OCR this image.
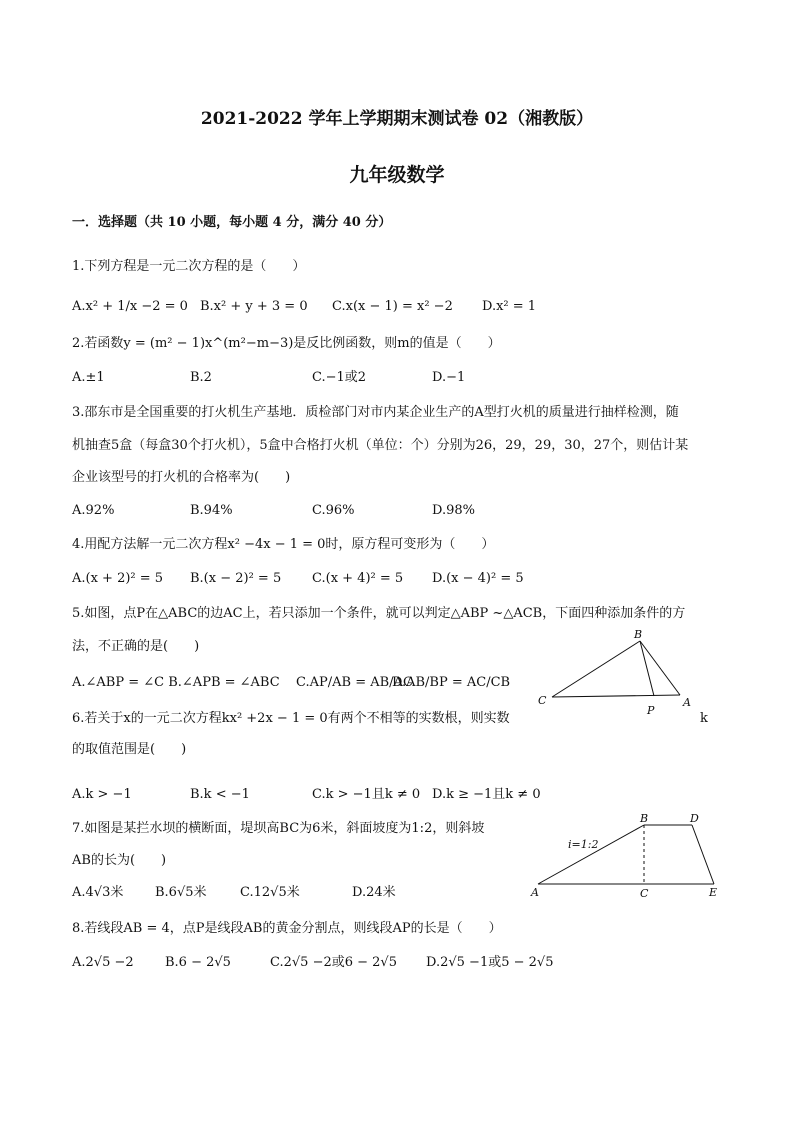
2021-2022 学年上学期期末测试卷 02（湘教版）
九年级数学
一．选择题（共 10 小题，每小题 4 分，满分 40 分）
1.下列方程是一元二次方程的是（　　）
A.x² + 1/x −2 = 0 B.x² + y + 3 = 0 C.x(x − 1) = x² −2 D.x² = 1
2.若函数y = (m² − 1)x^(m²−m−3)是反比例函数，则m的值是（　　）
A.±1	B.2	C.−1或2	D.−1
3.邵东市是全国重要的打火机生产基地．质检部门对市内某企业生产的A型打火机的质量进行抽样检测，随
机抽查5盒（每盒30个打火机），5盒中合格打火机（单位：个）分别为26，29，29，30，27个，则估计某
企业该型号的打火机的合格率为(　　)
A.92%	B.94%	C.96%	D.98%
4.用配方法解一元二次方程x² −4x − 1 = 0时，原方程可变形为（　　）
A.(x + 2)² = 5 B.(x − 2)² = 5 C.(x + 4)² = 5 D.(x − 4)² = 5
5.如图，点P在△ABC的边AC上，若只添加一个条件，就可以判定△ABP ~△ACB，下面四种添加条件的方
法，不正确的是(　　)
A.∠ABP = ∠C B.∠APB = ∠ABC C.AP/AB = AB/AC
D.AB/BP = AC/CB
B
C
P
A
6.若关于x的一元二次方程kx² +2x − 1 = 0有两个不相等的实数根，则实数	k
的取值范围是(　　)
A.k > −1	B.k < −1	C.k > −1且k ≠ 0 D.k ≥ −1且k ≠ 0
7.如图是某拦水坝的横断面，堤坝高BC为6米，斜面坡度为1:2，则斜坡
AB的长为(　　)
A.4√3米 B.6√5米	C.12√5米	D.24米
B	D
A	C	E
i=1:2
8.若线段AB = 4，点P是线段AB的黄金分割点，则线段AP的长是（　　）
A.2√5 −2 B.6 − 2√5	C.2√5 −2或6 − 2√5 D.2√5 −1或5 − 2√5
